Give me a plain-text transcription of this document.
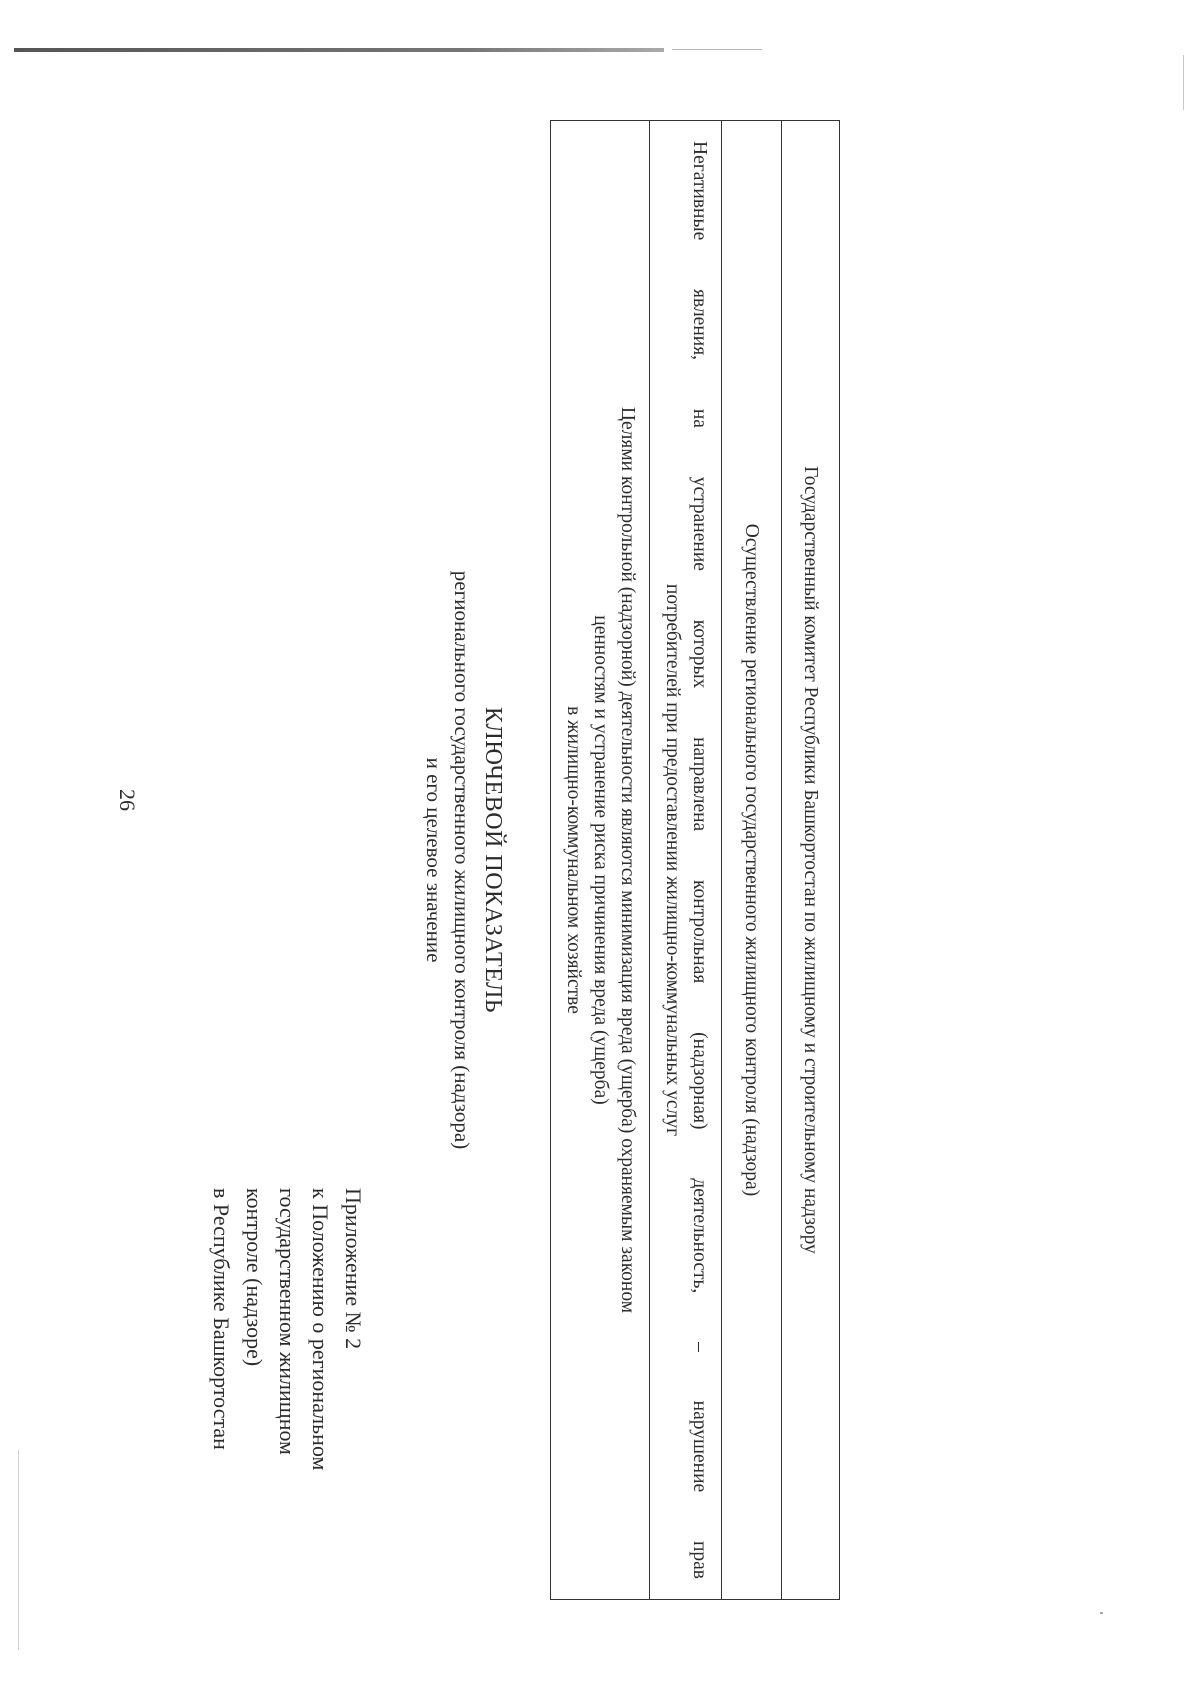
26
Приложение № 2
к Положению о региональном
государственном жилищном
контроле (надзоре)
в Республике Башкортостан
КЛЮЧЕВОЙ ПОКАЗАТЕЛЬ
регионального государственного жилищного контроля (надзора)
и его целевое значение	Государственный комитет Республики Башкортостан по жилищному и строительному надзору
Осуществление регионального государственного жилищного контроля (надзора)
Негативные явления, на устранение которых направлена контрольная (надзорная) деятельность, – нарушение прав
потребителей при предоставлении жилищно-коммунальных услуг
Целями контрольной (надзорной) деятельности являются минимизация вреда (ущерба) охраняемым законом
ценностям и устранение риска причинения вреда (ущерба)
в жилищно-коммунальном хозяйстве
